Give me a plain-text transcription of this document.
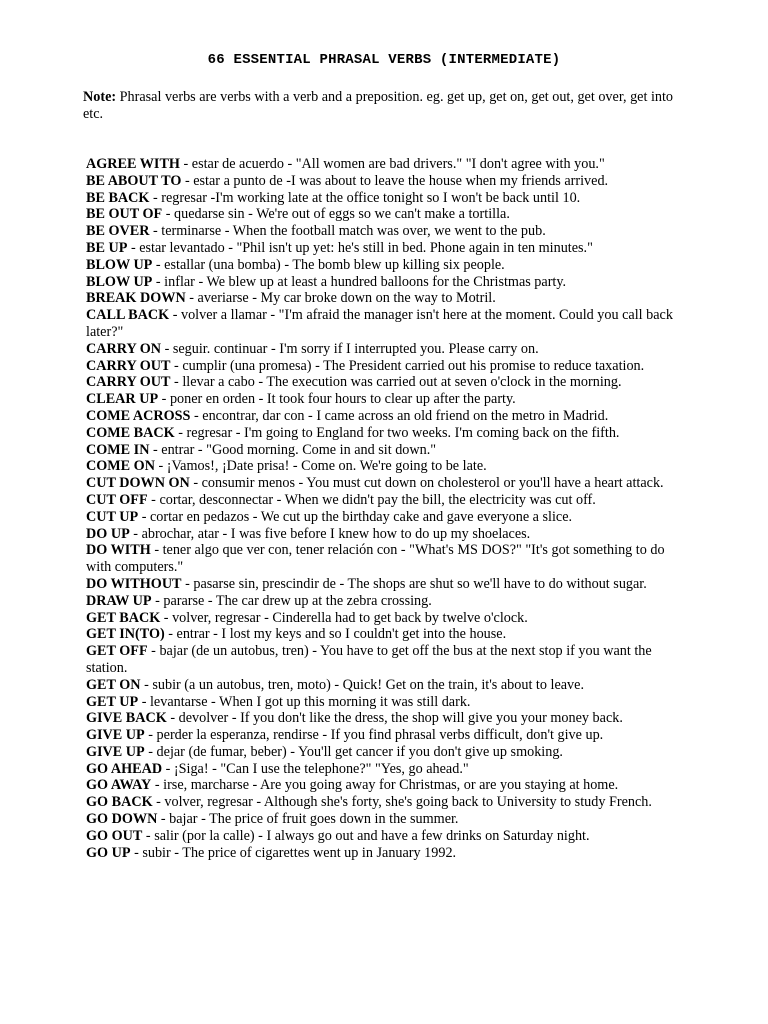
66 ESSENTIAL PHRASAL VERBS (INTERMEDIATE)

Note: Phrasal verbs are verbs with a verb and a preposition. eg. get up, get on, get out, get over, get into etc.

AGREE WITH - estar de acuerdo - "All women are bad drivers." "I don't agree with you."
BE ABOUT TO - estar a punto de -I was about to leave the house when my friends arrived.
BE BACK - regresar -I'm working late at the office tonight so I won't be back until 10.
BE OUT OF - quedarse sin - We're out of eggs so we can't make a tortilla.
BE OVER - terminarse - When the football match was over, we went to the pub.
BE UP - estar levantado - "Phil isn't up yet: he's still in bed. Phone again in ten minutes."
BLOW UP - estallar (una bomba) - The bomb blew up killing six people.
BLOW UP - inflar - We blew up at least a hundred balloons for the Christmas party.
BREAK DOWN - averiarse - My car broke down on the way to Motril.
CALL BACK - volver a llamar - "I'm afraid the manager isn't here at the moment. Could you call back later?"
CARRY ON - seguir. continuar - I'm sorry if I interrupted you. Please carry on.
CARRY OUT - cumplir (una promesa) - The President carried out his promise to reduce taxation.
CARRY OUT - llevar a cabo - The execution was carried out at seven o'clock in the morning.
CLEAR UP - poner en orden - It took four hours to clear up after the party.
COME ACROSS - encontrar, dar con - I came across an old friend on the metro in Madrid.
COME BACK - regresar - I'm going to England for two weeks. I'm coming back on the fifth.
COME IN - entrar - "Good morning. Come in and sit down."
COME ON - ¡Vamos!, ¡Date prisa! - Come on. We're going to be late.
CUT DOWN ON - consumir menos - You must cut down on cholesterol or you'll have a heart attack.
CUT OFF - cortar, desconnectar - When we didn't pay the bill, the electricity was cut off.
CUT UP - cortar en pedazos - We cut up the birthday cake and gave everyone a slice.
DO UP - abrochar, atar - I was five before I knew how to do up my shoelaces.
DO WITH - tener algo que ver con, tener relación con - "What's MS DOS?" "It's got something to do with computers."
DO WITHOUT - pasarse sin, prescindir de - The shops are shut so we'll have to do without sugar.
DRAW UP - pararse - The car drew up at the zebra crossing.
GET BACK - volver, regresar - Cinderella had to get back by twelve o'clock.
GET IN(TO) - entrar - I lost my keys and so I couldn't get into the house.
GET OFF - bajar (de un autobus, tren) - You have to get off the bus at the next stop if you want the station.
GET ON - subir (a un autobus, tren, moto) - Quick! Get on the train, it's about to leave.
GET UP - levantarse - When I got up this morning it was still dark.
GIVE BACK - devolver - If you don't like the dress, the shop will give you your money back.
GIVE UP - perder la esperanza, rendirse - If you find phrasal verbs difficult, don't give up.
GIVE UP - dejar (de fumar, beber) - You'll get cancer if you don't give up smoking.
GO AHEAD - ¡Siga! - "Can I use the telephone?" "Yes, go ahead."
GO AWAY - irse, marcharse - Are you going away for Christmas, or are you staying at home.
GO BACK - volver, regresar - Although she's forty, she's going back to University to study French.
GO DOWN - bajar - The price of fruit goes down in the summer.
GO OUT - salir (por la calle) - I always go out and have a few drinks on Saturday night.
GO UP - subir - The price of cigarettes went up in January 1992.
